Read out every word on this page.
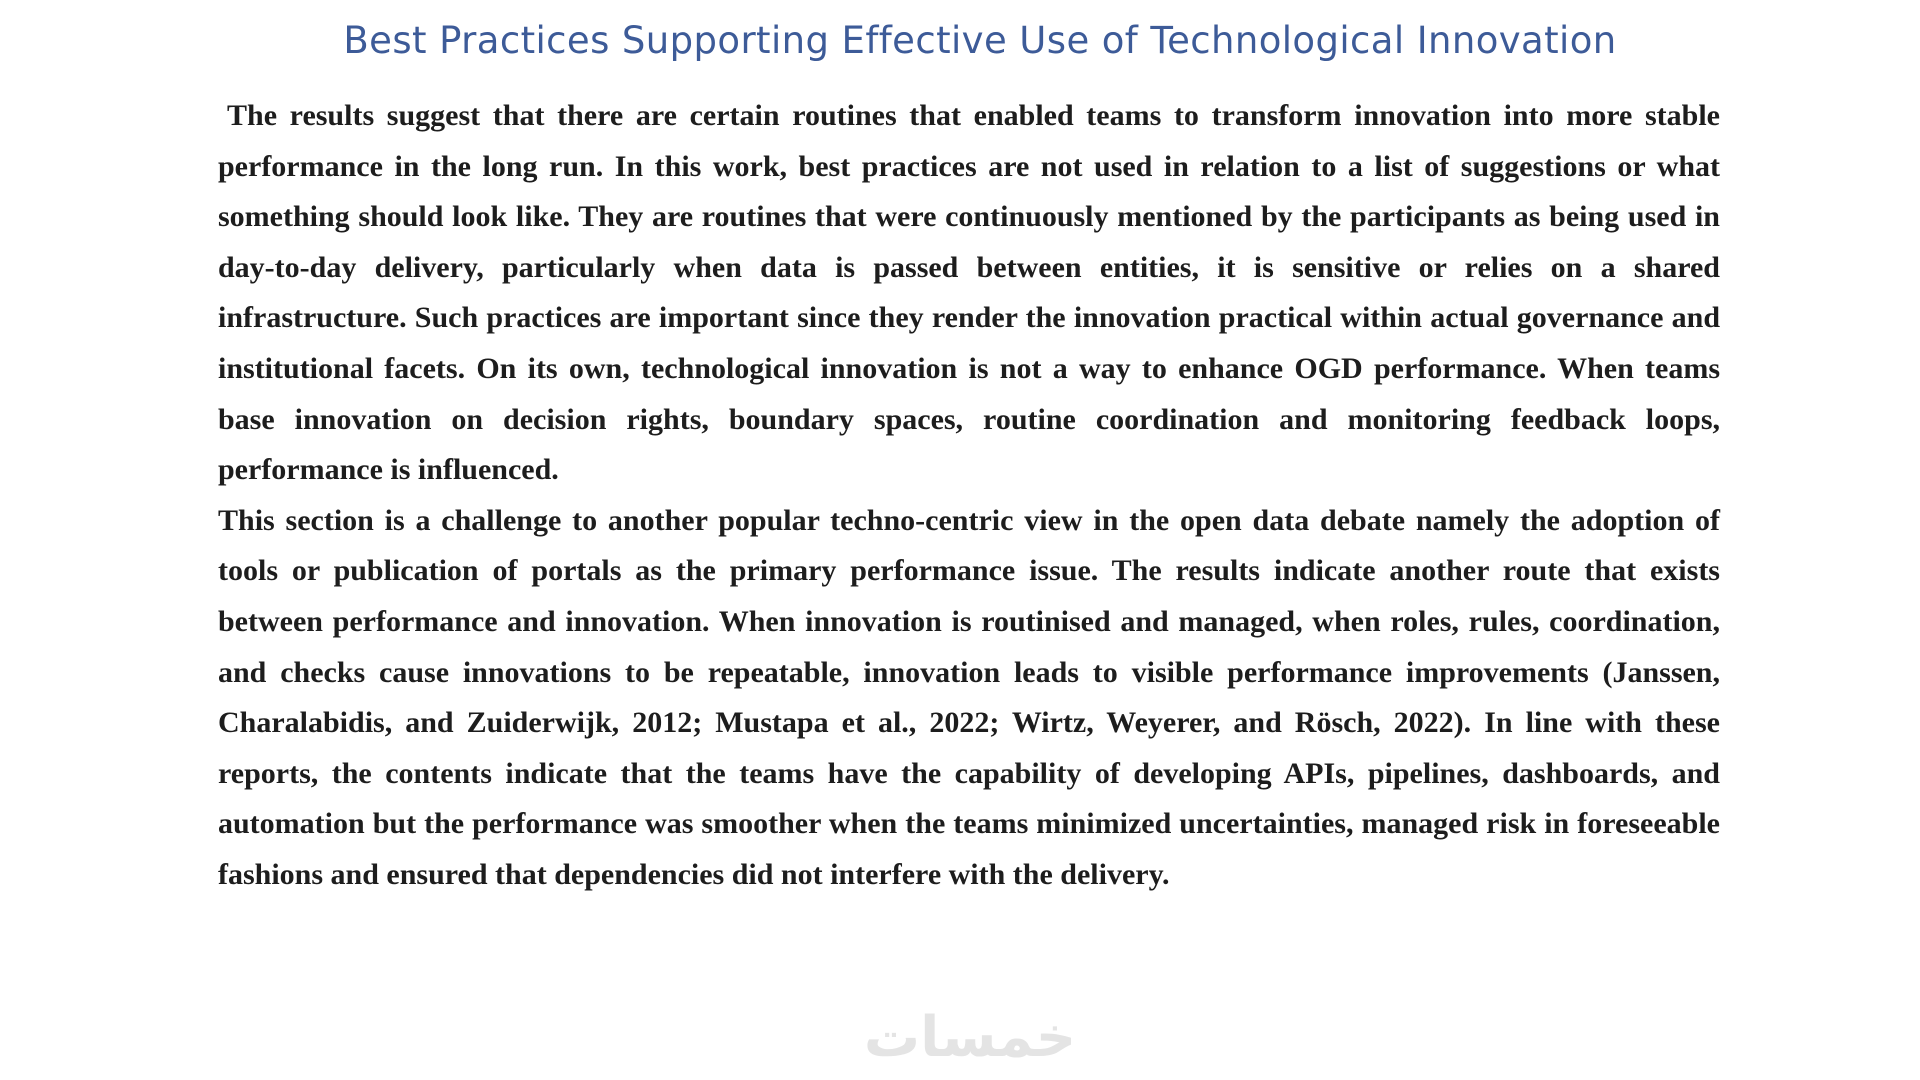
Best Practices Supporting Effective Use of Technological Innovation

The results suggest that there are certain routines that enabled teams to transform innovation into more stable performance in the long run. In this work, best practices are not used in relation to a list of suggestions or what something should look like. They are routines that were continuously mentioned by the participants as being used in day-to-day delivery, particularly when data is passed between entities, it is sensitive or relies on a shared infrastructure. Such practices are important since they render the innovation practical within actual governance and institutional facets. On its own, technological innovation is not a way to enhance OGD performance. When teams base innovation on decision rights, boundary spaces, routine coordination and monitoring feedback loops, performance is influenced.

This section is a challenge to another popular techno-centric view in the open data debate namely the adoption of tools or publication of portals as the primary performance issue. The results indicate another route that exists between performance and innovation. When innovation is routinised and managed, when roles, rules, coordination, and checks cause innovations to be repeatable, innovation leads to visible performance improvements (Janssen, Charalabidis, and Zuiderwijk, 2012; Mustapa et al., 2022; Wirtz, Weyerer, and Rösch, 2022). In line with these reports, the contents indicate that the teams have the capability of developing APIs, pipelines, dashboards, and automation but the performance was smoother when the teams minimized uncertainties, managed risk in foreseeable fashions and ensured that dependencies did not interfere with the delivery.

خمسات
